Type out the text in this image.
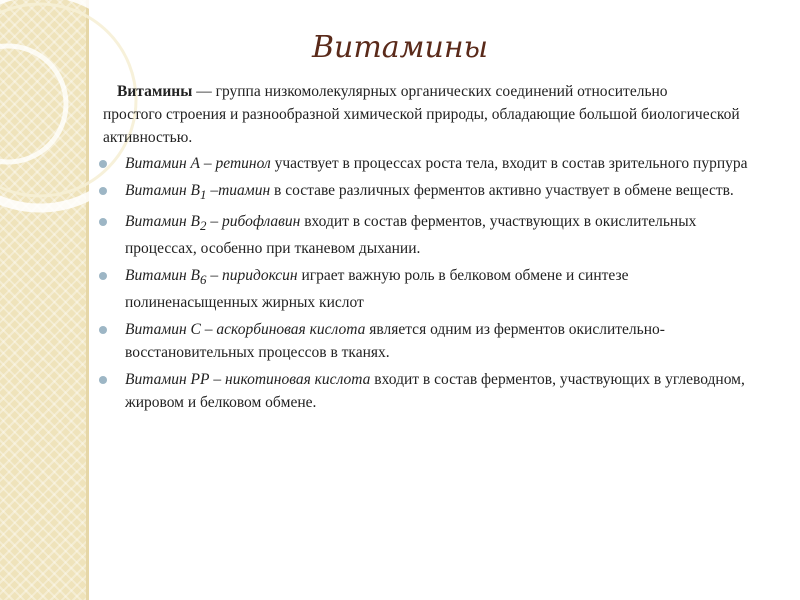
Витамины

Витамины — группа низкомолекулярных органических соединений относительно
простого строения и разнообразной химической природы, обладающие большой биологической активностью.

Витамин А – ретинол участвует в процессах роста тела, входит в состав зрительного пурпура
Витамин $В_1$ –тиамин в составе различных ферментов активно участвует в обмене веществ.
Витамин $В_2$ – рибофлавин входит в состав ферментов, участвующих в окислительных процессах, особенно при тканевом дыхании.
Витамин $В_6$ – пиридоксин играет важную роль в белковом обмене и синтезе полиненасыщенных жирных кислот
Витамин С – аскорбиновая кислота является одним из ферментов окислительно-восстановительных процессов в тканях.
Витамин РР – никотиновая кислота входит в состав ферментов, участвующих в углеводном, жировом и белковом обмене.
